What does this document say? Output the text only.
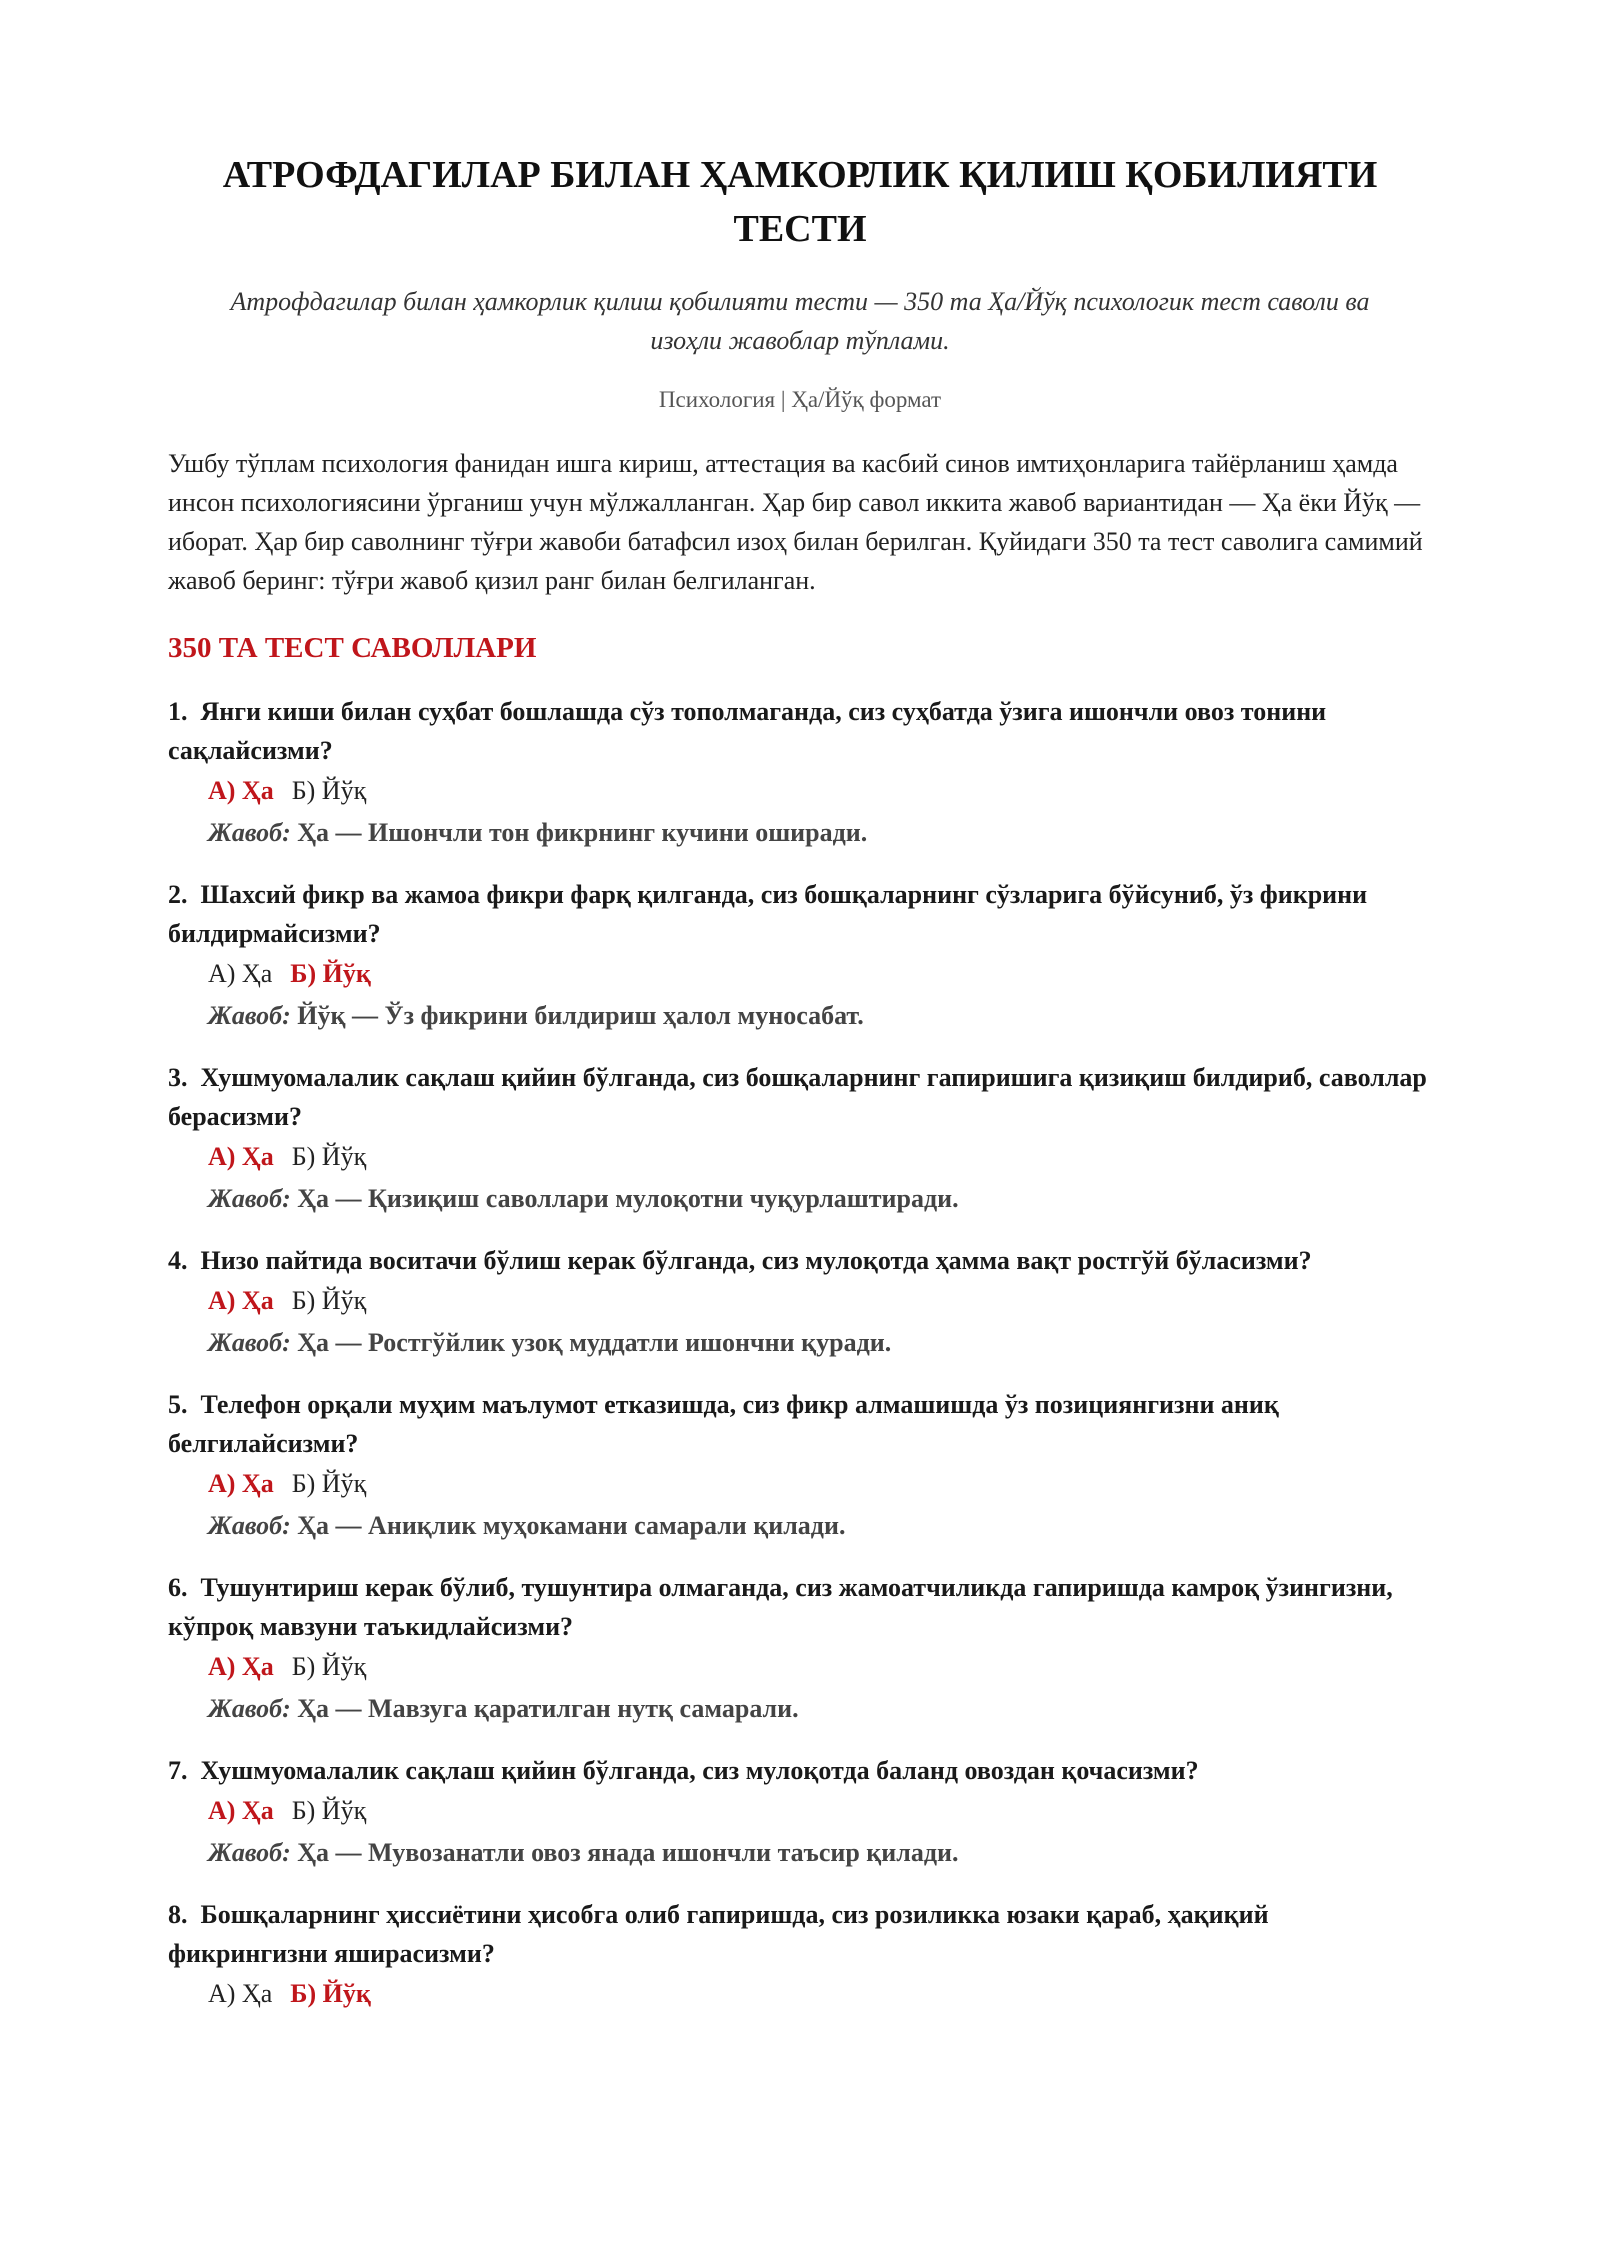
АТРОФДАГИЛАР БИЛАН ҲАМКОРЛИК ҚИЛИШ ҚОБИЛИЯТИ ТЕСТИ
Атрофдагилар билан ҳамкорлик қилиш қобилияти тести — 350 та Ҳа/Йўқ психологик тест саволи ва изоҳли жавоблар тўплами.
Психология | Ҳа/Йўқ формат
Ушбу тўплам психология фанидан ишга кириш, аттестация ва касбий синов имтиҳонларига тайёрланиш ҳамда инсон психологиясини ўрганиш учун мўлжалланган. Ҳар бир савол иккита жавоб вариантидан — Ҳа ёки Йўқ — иборат. Ҳар бир саволнинг тўғри жавоби батафсил изоҳ билан берилган. Қуйидаги 350 та тест саволига самимий жавоб беринг: тўғри жавоб қизил ранг билан белгиланган.
350 ТА ТЕСТ САВОЛЛАРИ
1. Янги киши билан суҳбат бошлашда сўз тополмаганда, сиз суҳбатда ўзига ишончли овоз тонини сақлайсизми?
А) Ҳа Б) Йўқ
Жавоб: Ҳа — Ишончли тон фикрнинг кучини оширади.
2. Шахсий фикр ва жамоа фикри фарқ қилганда, сиз бошқаларнинг сўзларига бўйсуниб, ўз фикрини билдирмайсизми?
А) Ҳа Б) Йўқ
Жавоб: Йўқ — Ўз фикрини билдириш ҳалол муносабат.
3. Хушмуомалалик сақлаш қийин бўлганда, сиз бошқаларнинг гапиришига қизиқиш билдириб, саволлар берасизми?
А) Ҳа Б) Йўқ
Жавоб: Ҳа — Қизиқиш саволлари мулоқотни чуқурлаштиради.
4. Низо пайтида воситачи бўлиш керак бўлганда, сиз мулоқотда ҳамма вақт ростгўй бўласизми?
А) Ҳа Б) Йўқ
Жавоб: Ҳа — Ростгўйлик узоқ муддатли ишончни қуради.
5. Телефон орқали муҳим маълумот етказишда, сиз фикр алмашишда ўз позициянгизни аниқ белгилайсизми?
А) Ҳа Б) Йўқ
Жавоб: Ҳа — Аниқлик муҳокамани самарали қилади.
6. Тушунтириш керак бўлиб, тушунтира олмаганда, сиз жамоатчиликда гапиришда камроқ ўзингизни, кўпроқ мавзуни таъкидлайсизми?
А) Ҳа Б) Йўқ
Жавоб: Ҳа — Мавзуга қаратилган нутқ самарали.
7. Хушмуомалалик сақлаш қийин бўлганда, сиз мулоқотда баланд овоздан қочасизми?
А) Ҳа Б) Йўқ
Жавоб: Ҳа — Мувозанатли овоз янада ишончли таъсир қилади.
8. Бошқаларнинг ҳиссиётини ҳисобга олиб гапиришда, сиз розиликка юзаки қараб, ҳақиқий фикрингизни яширасизми?
А) Ҳа Б) Йўқ
